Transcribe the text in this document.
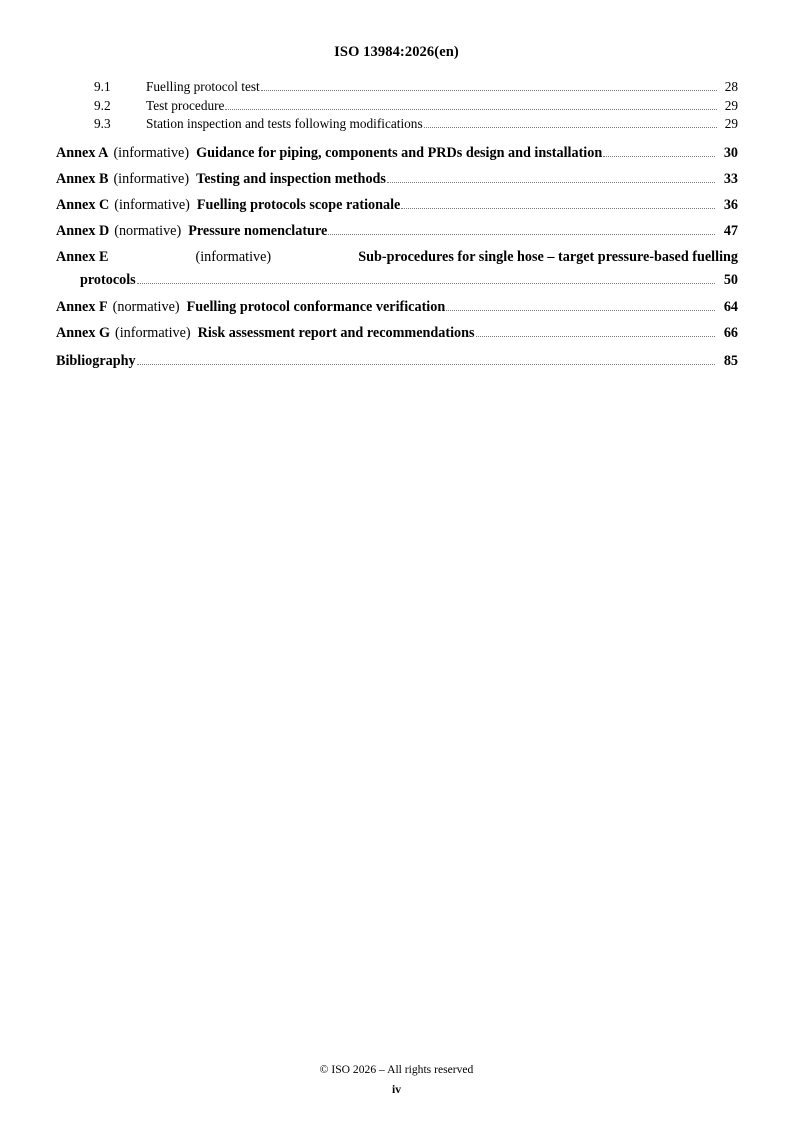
ISO 13984:2026(en)
9.1	Fuelling protocol test	28
9.2	Test procedure	29
9.3	Station inspection and tests following modifications	29
Annex A (informative) Guidance for piping, components and PRDs design and installation	30
Annex B (informative) Testing and inspection methods	33
Annex C (informative) Fuelling protocols scope rationale	36
Annex D (normative) Pressure nomenclature	47
Annex E	(informative)	Sub-procedures for single hose – target pressure-based fuelling
protocols	50
Annex F (normative) Fuelling protocol conformance verification	64
Annex G (informative) Risk assessment report and recommendations	66
Bibliography	85
© ISO 2026 – All rights reserved
iv
